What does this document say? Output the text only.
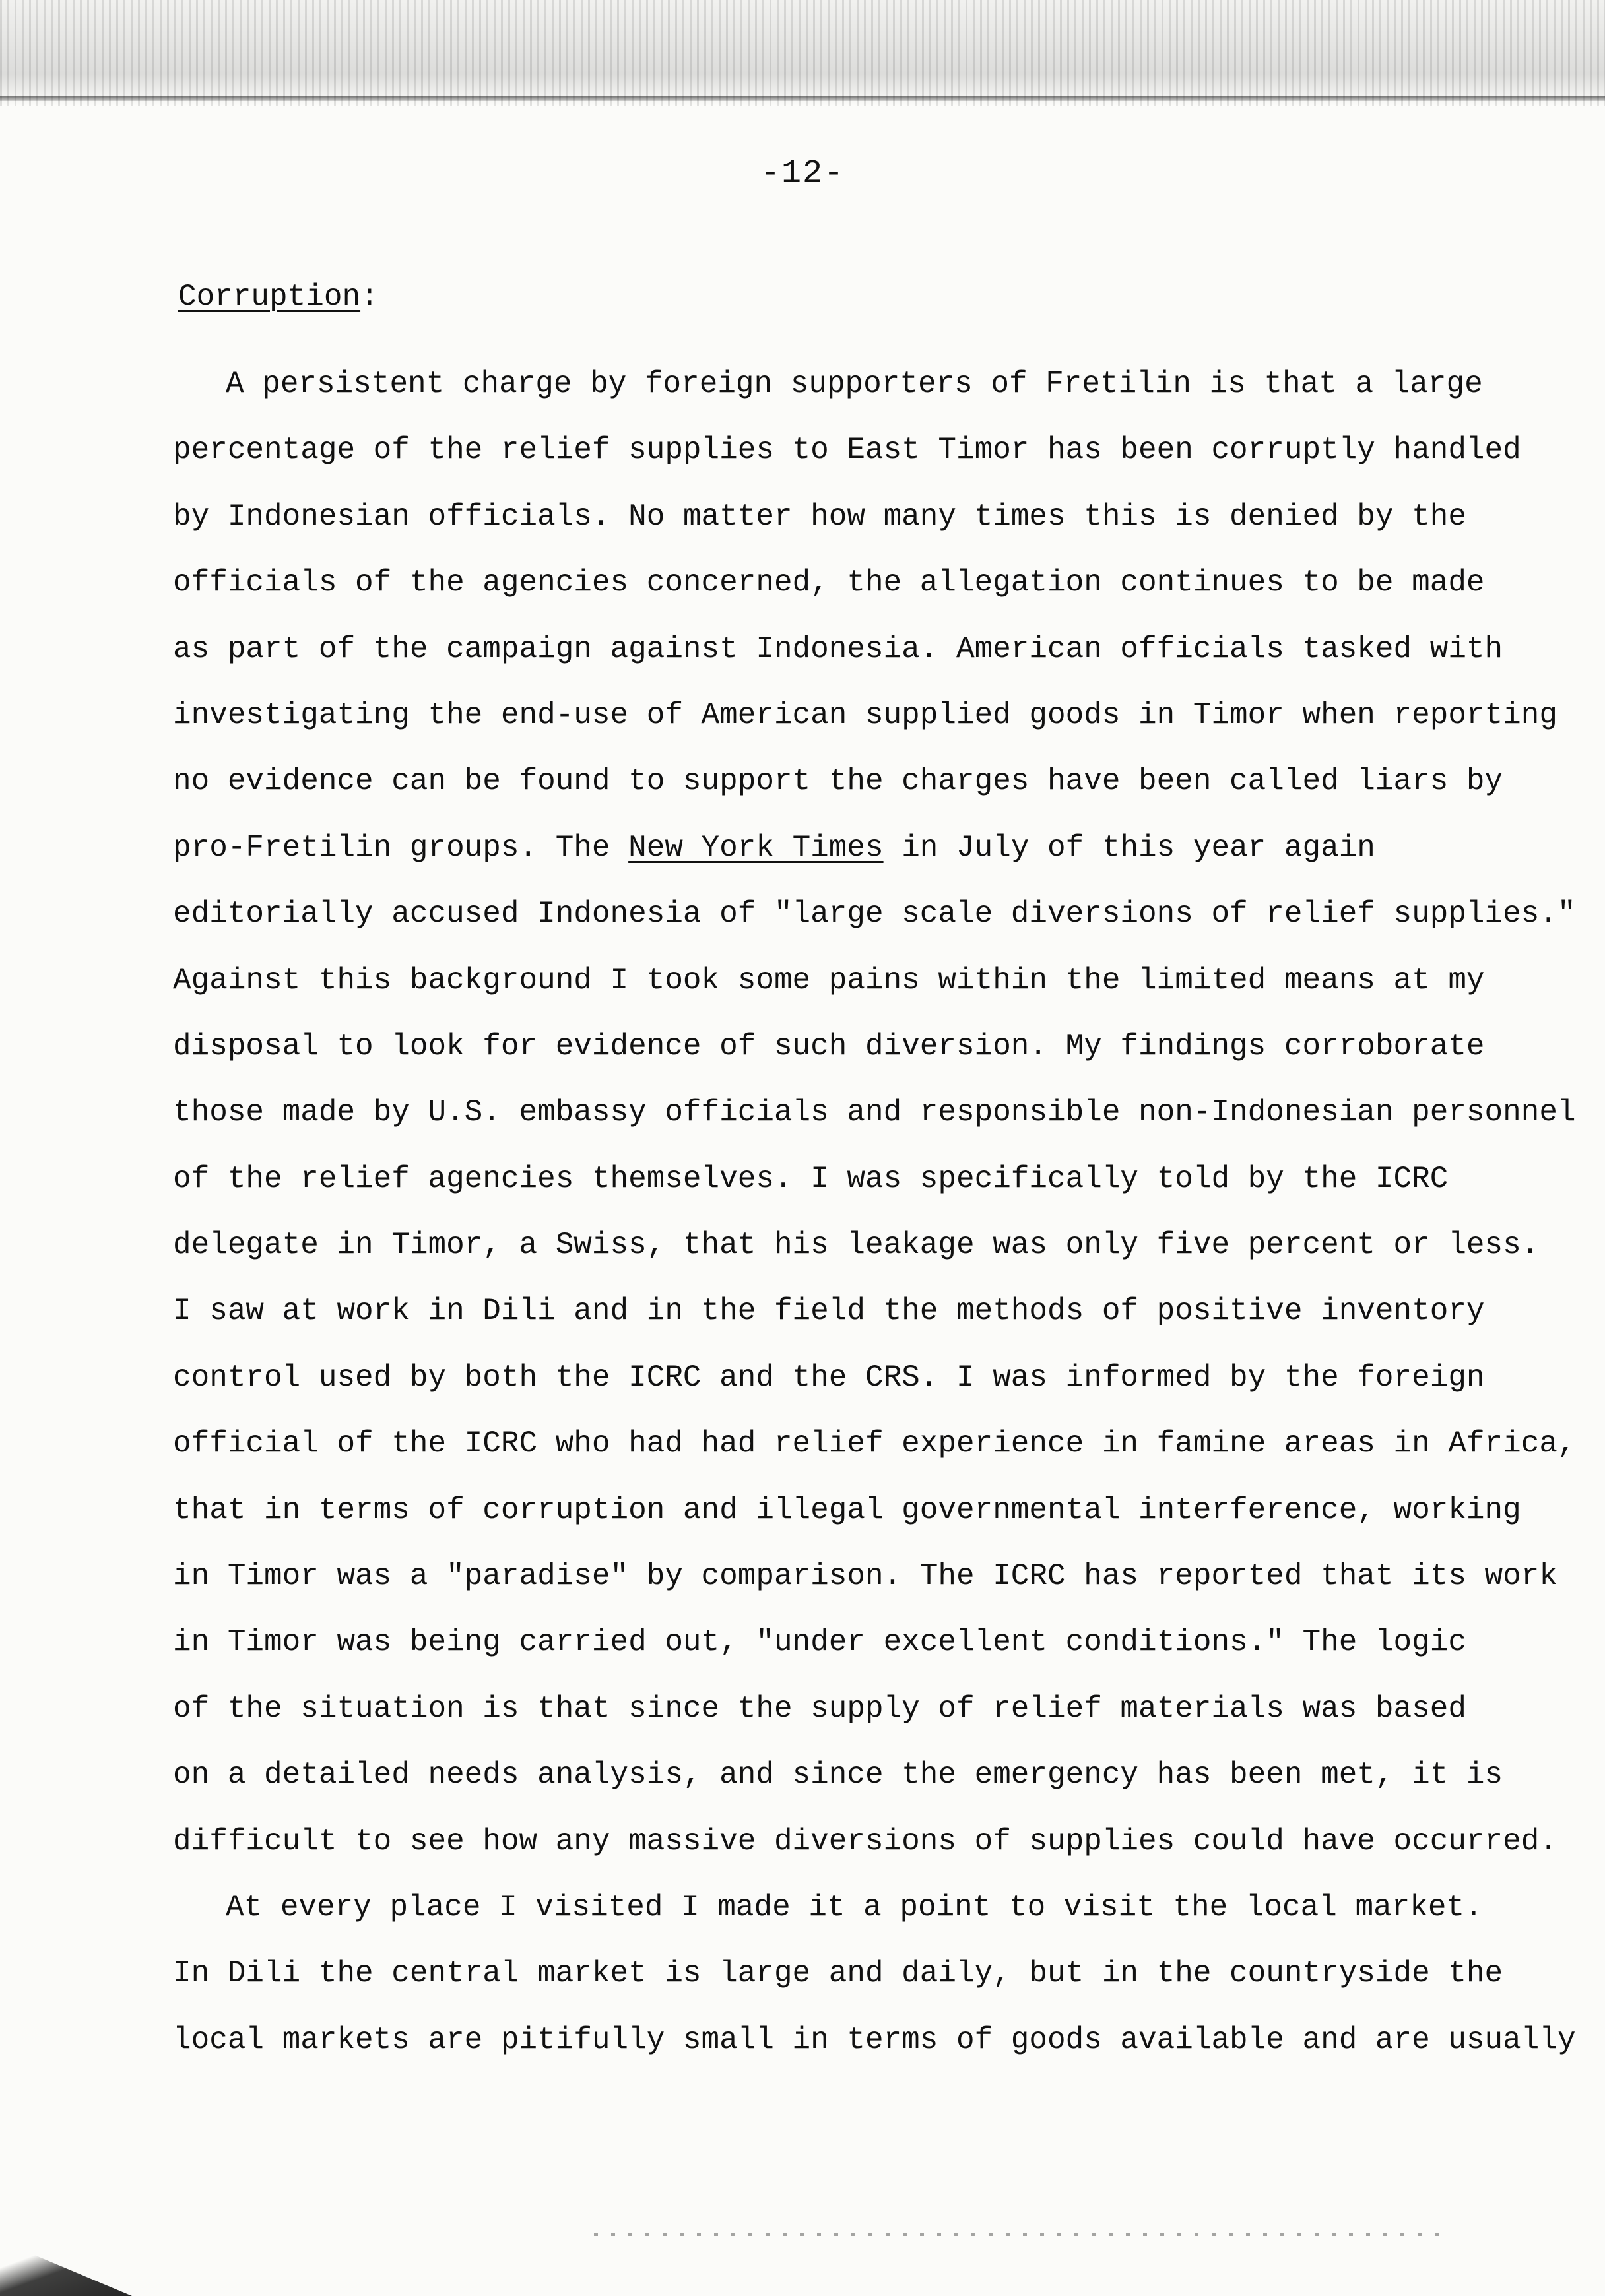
-12-
Corruption:
A persistent charge by foreign supporters of Fretilin is that a large
percentage of the relief supplies to East Timor has been corruptly handled
by Indonesian officials. No matter how many times this is denied by the
officials of the agencies concerned, the allegation continues to be made
as part of the campaign against Indonesia. American officials tasked with
investigating the end-use of American supplied goods in Timor when reporting
no evidence can be found to support the charges have been called liars by
pro-Fretilin groups. The New York Times in July of this year again
editorially accused Indonesia of "large scale diversions of relief supplies."
Against this background I took some pains within the limited means at my
disposal to look for evidence of such diversion. My findings corroborate
those made by U.S. embassy officials and responsible non-Indonesian personnel
of the relief agencies themselves. I was specifically told by the ICRC
delegate in Timor, a Swiss, that his leakage was only five percent or less.
I saw at work in Dili and in the field the methods of positive inventory
control used by both the ICRC and the CRS. I was informed by the foreign
official of the ICRC who had had relief experience in famine areas in Africa,
that in terms of corruption and illegal governmental interference, working
in Timor was a "paradise" by comparison. The ICRC has reported that its work
in Timor was being carried out, "under excellent conditions." The logic
of the situation is that since the supply of relief materials was based
on a detailed needs analysis, and since the emergency has been met, it is
difficult to see how any massive diversions of supplies could have occurred.
At every place I visited I made it a point to visit the local market.
In Dili the central market is large and daily, but in the countryside the
local markets are pitifully small in terms of goods available and are usually
